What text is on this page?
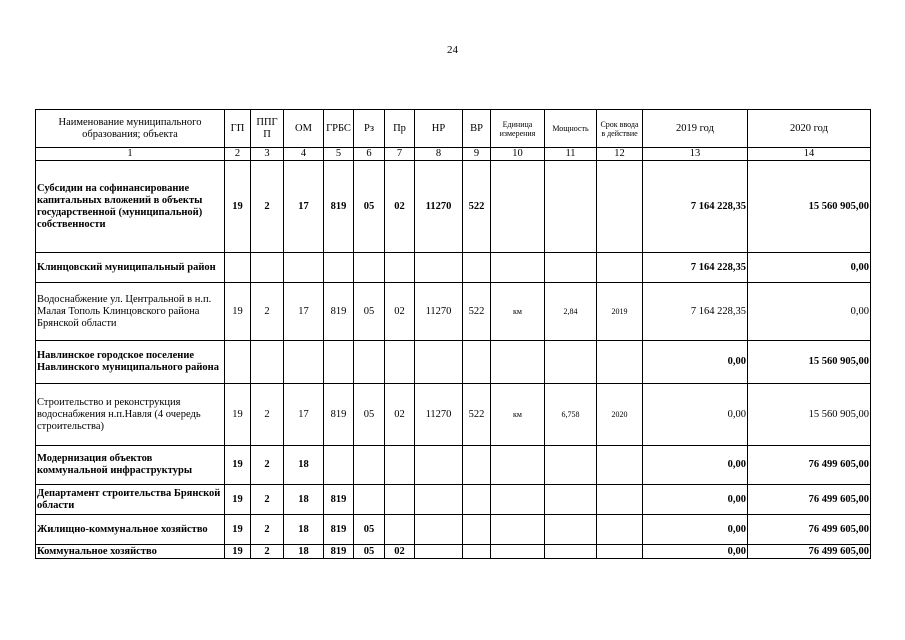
24
Наименование муниципального образования; объекта	ГП	ППГ П	ОМ	ГРБС	Рз	Пр	НР	ВР	Единица измерения	Мощность	Срок ввода в действие	2019 год	2020 год
1	2	3	4	5	6	7	8	9	10	11	12	13	14
Субсидии на софинансирование капитальных вложений в объекты государственной (муниципальной) собственности	19	2	17	819	05	02	11270	522				7 164 228,35	15 560 905,00
Клинцовский муниципальный район												7 164 228,35	0,00
Водоснабжение ул. Центральной в н.п. Малая Тополь Клинцовского района Брянской области	19	2	17	819	05	02	11270	522	км	2,84	2019	7 164 228,35	0,00
Навлинское городское поселение Навлинского муниципального района												0,00	15 560 905,00
Строительство и реконструкция водоснабжения н.п.Навля (4 очередь строительства)	19	2	17	819	05	02	11270	522	км	6,758	2020	0,00	15 560 905,00
Модернизация объектов коммунальной инфраструктуры	19	2	18									0,00	76 499 605,00
Департамент строительства Брянской области	19	2	18	819								0,00	76 499 605,00
Жилищно-коммунальное хозяйство	19	2	18	819	05							0,00	76 499 605,00
Коммунальное хозяйство	19	2	18	819	05	02						0,00	76 499 605,00
